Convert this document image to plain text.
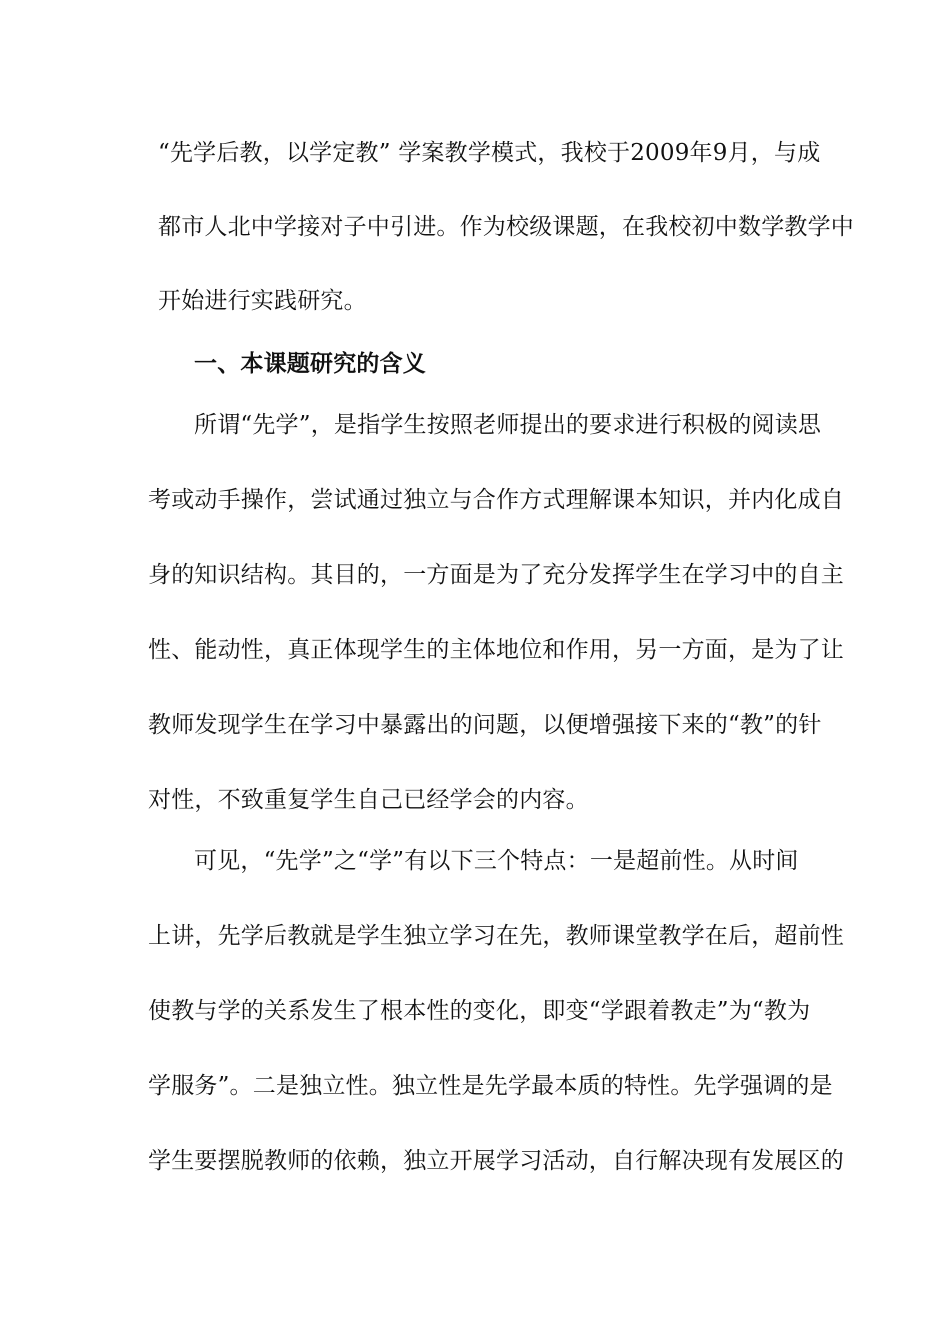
“先学后教，以学定教” 学案教学模式，我校于2009年9月，与成
都市人北中学接对子中引进。作为校级课题，在我校初中数学教学中
开始进行实践研究。
一、本课题研究的含义
所谓“先学”，是指学生按照老师提出的要求进行积极的阅读思
考或动手操作，尝试通过独立与合作方式理解课本知识，并内化成自
身的知识结构。其目的，一方面是为了充分发挥学生在学习中的自主
性、能动性，真正体现学生的主体地位和作用，另一方面，是为了让
教师发现学生在学习中暴露出的问题，以便增强接下来的“教”的针
对性，不致重复学生自己已经学会的内容。
可见，“先学”之“学”有以下三个特点：一是超前性。从时间
上讲，先学后教就是学生独立学习在先，教师课堂教学在后，超前性
使教与学的关系发生了根本性的变化，即变“学跟着教走”为“教为
学服务”。二是独立性。独立性是先学最本质的特性。先学强调的是
学生要摆脱教师的依赖，独立开展学习活动，自行解决现有发展区的
